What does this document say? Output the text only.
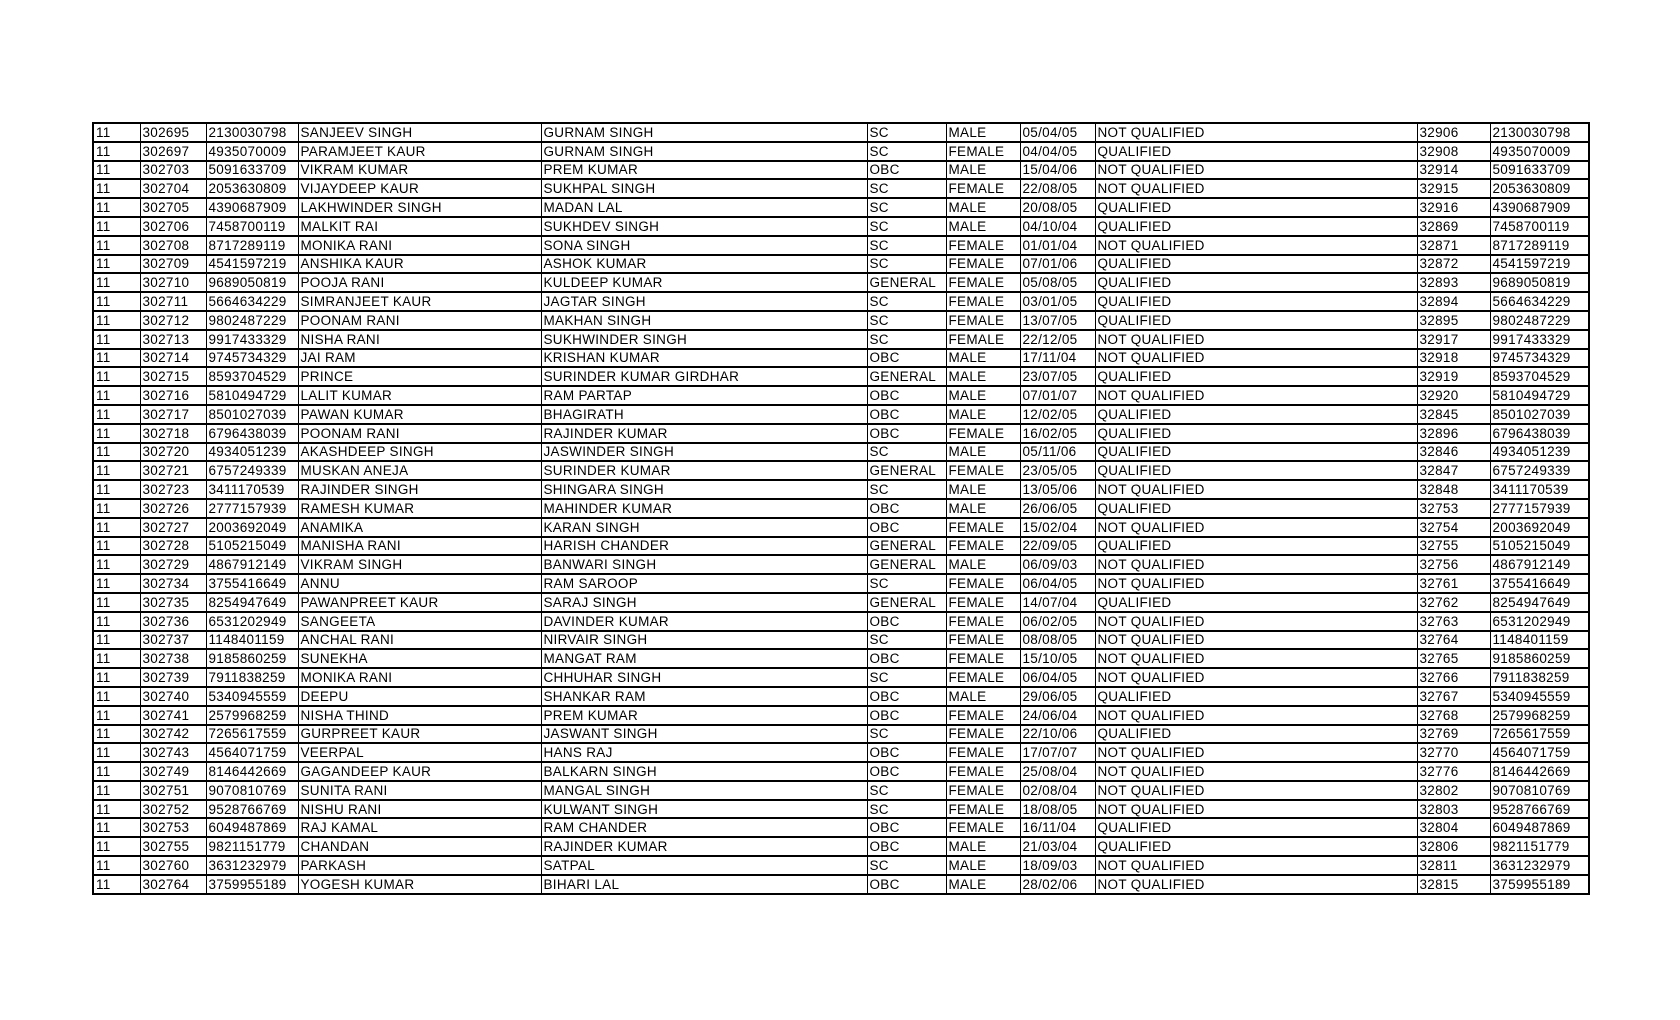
11	302695	2130030798	SANJEEV SINGH	GURNAM SINGH	SC	MALE	05/04/05	NOT QUALIFIED	32906	2130030798
11	302697	4935070009	PARAMJEET KAUR	GURNAM SINGH	SC	FEMALE	04/04/05	QUALIFIED	32908	4935070009
11	302703	5091633709	VIKRAM KUMAR	PREM KUMAR	OBC	MALE	15/04/06	NOT QUALIFIED	32914	5091633709
11	302704	2053630809	VIJAYDEEP KAUR	SUKHPAL SINGH	SC	FEMALE	22/08/05	NOT QUALIFIED	32915	2053630809
11	302705	4390687909	LAKHWINDER SINGH	MADAN LAL	SC	MALE	20/08/05	QUALIFIED	32916	4390687909
11	302706	7458700119	MALKIT RAI	SUKHDEV SINGH	SC	MALE	04/10/04	QUALIFIED	32869	7458700119
11	302708	8717289119	MONIKA RANI	SONA SINGH	SC	FEMALE	01/01/04	NOT QUALIFIED	32871	8717289119
11	302709	4541597219	ANSHIKA KAUR	ASHOK KUMAR	SC	FEMALE	07/01/06	QUALIFIED	32872	4541597219
11	302710	9689050819	POOJA RANI	KULDEEP KUMAR	GENERAL	FEMALE	05/08/05	QUALIFIED	32893	9689050819
11	302711	5664634229	SIMRANJEET KAUR	JAGTAR SINGH	SC	FEMALE	03/01/05	QUALIFIED	32894	5664634229
11	302712	9802487229	POONAM RANI	MAKHAN SINGH	SC	FEMALE	13/07/05	QUALIFIED	32895	9802487229
11	302713	9917433329	NISHA RANI	SUKHWINDER SINGH	SC	FEMALE	22/12/05	NOT QUALIFIED	32917	9917433329
11	302714	9745734329	JAI RAM	KRISHAN KUMAR	OBC	MALE	17/11/04	NOT QUALIFIED	32918	9745734329
11	302715	8593704529	PRINCE	SURINDER KUMAR GIRDHAR	GENERAL	MALE	23/07/05	QUALIFIED	32919	8593704529
11	302716	5810494729	LALIT KUMAR	RAM PARTAP	OBC	MALE	07/01/07	NOT QUALIFIED	32920	5810494729
11	302717	8501027039	PAWAN KUMAR	BHAGIRATH	OBC	MALE	12/02/05	QUALIFIED	32845	8501027039
11	302718	6796438039	POONAM RANI	RAJINDER KUMAR	OBC	FEMALE	16/02/05	QUALIFIED	32896	6796438039
11	302720	4934051239	AKASHDEEP SINGH	JASWINDER SINGH	SC	MALE	05/11/06	QUALIFIED	32846	4934051239
11	302721	6757249339	MUSKAN ANEJA	SURINDER KUMAR	GENERAL	FEMALE	23/05/05	QUALIFIED	32847	6757249339
11	302723	3411170539	RAJINDER SINGH	SHINGARA SINGH	SC	MALE	13/05/06	NOT QUALIFIED	32848	3411170539
11	302726	2777157939	RAMESH KUMAR	MAHINDER KUMAR	OBC	MALE	26/06/05	QUALIFIED	32753	2777157939
11	302727	2003692049	ANAMIKA	KARAN SINGH	OBC	FEMALE	15/02/04	NOT QUALIFIED	32754	2003692049
11	302728	5105215049	MANISHA RANI	HARISH CHANDER	GENERAL	FEMALE	22/09/05	QUALIFIED	32755	5105215049
11	302729	4867912149	VIKRAM SINGH	BANWARI SINGH	GENERAL	MALE	06/09/03	NOT QUALIFIED	32756	4867912149
11	302734	3755416649	ANNU	RAM SAROOP	SC	FEMALE	06/04/05	NOT QUALIFIED	32761	3755416649
11	302735	8254947649	PAWANPREET KAUR	SARAJ SINGH	GENERAL	FEMALE	14/07/04	QUALIFIED	32762	8254947649
11	302736	6531202949	SANGEETA	DAVINDER KUMAR	OBC	FEMALE	06/02/05	NOT QUALIFIED	32763	6531202949
11	302737	1148401159	ANCHAL RANI	NIRVAIR SINGH	SC	FEMALE	08/08/05	NOT QUALIFIED	32764	1148401159
11	302738	9185860259	SUNEKHA	MANGAT RAM	OBC	FEMALE	15/10/05	NOT QUALIFIED	32765	9185860259
11	302739	7911838259	MONIKA RANI	CHHUHAR SINGH	SC	FEMALE	06/04/05	NOT QUALIFIED	32766	7911838259
11	302740	5340945559	DEEPU	SHANKAR RAM	OBC	MALE	29/06/05	QUALIFIED	32767	5340945559
11	302741	2579968259	NISHA THIND	PREM KUMAR	OBC	FEMALE	24/06/04	NOT QUALIFIED	32768	2579968259
11	302742	7265617559	GURPREET KAUR	JASWANT SINGH	SC	FEMALE	22/10/06	QUALIFIED	32769	7265617559
11	302743	4564071759	VEERPAL	HANS RAJ	OBC	FEMALE	17/07/07	NOT QUALIFIED	32770	4564071759
11	302749	8146442669	GAGANDEEP KAUR	BALKARN SINGH	OBC	FEMALE	25/08/04	NOT QUALIFIED	32776	8146442669
11	302751	9070810769	SUNITA RANI	MANGAL SINGH	SC	FEMALE	02/08/04	NOT QUALIFIED	32802	9070810769
11	302752	9528766769	NISHU RANI	KULWANT SINGH	SC	FEMALE	18/08/05	NOT QUALIFIED	32803	9528766769
11	302753	6049487869	RAJ KAMAL	RAM CHANDER	OBC	FEMALE	16/11/04	QUALIFIED	32804	6049487869
11	302755	9821151779	CHANDAN	RAJINDER KUMAR	OBC	MALE	21/03/04	QUALIFIED	32806	9821151779
11	302760	3631232979	PARKASH	SATPAL	SC	MALE	18/09/03	NOT QUALIFIED	32811	3631232979
11	302764	3759955189	YOGESH KUMAR	BIHARI LAL	OBC	MALE	28/02/06	NOT QUALIFIED	32815	3759955189
